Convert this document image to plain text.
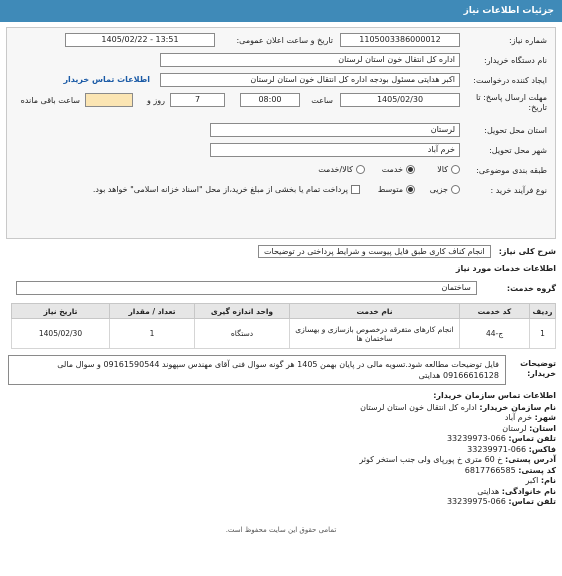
جزئیات اطلاعات نیاز
شماره نیاز:
1105003386000012
تاریخ و ساعت اعلان عمومی:
1405/02/22 - 13:51
نام دستگاه خریدار:
اداره کل انتقال خون استان لرستان
ایجاد کننده درخواست:
اکبر هدایتی مسئول بودجه اداره کل انتقال خون استان لرستان
اطلاعات تماس خریدار
مهلت ارسال پاسخ: تا تاریخ:
1405/02/30
ساعت
08:00
7
روز و
ساعت باقی مانده
استان محل تحویل:
لرستان
شهر محل تحویل:
خرم آباد
طبقه بندی موضوعی:
کالا
خدمت
کالا/خدمت
نوع فرآیند خرید :
جزیی
متوسط
پرداخت تمام یا بخشی از مبلغ خرید،از محل "اسناد خزانه اسلامی" خواهد بود.
شرح کلی نیاز:
انجام کناف کاری طبق فایل پیوست و شرایط پرداختی در توضیحات
اطلاعات خدمات مورد نیاز
گروه خدمت:
ساختمان
ردیف	کد خدمت	نام خدمت	واحد اندازه گیری	تعداد / مقدار	تاریخ نیاز
1	ج-44	انجام کارهای متفرقه درخصوص بازسازی و بهسازی ساختمان ها	دستگاه	1	1405/02/30
توضیحات خریدار:
فایل توضیحات مطالعه شود.تسویه مالی در پایان بهمن 1405 هر گونه سوال فنی آقای مهندس سپهوند 09161590544 و سوال مالی 09166616128 هدایتی
اطلاعات تماس سازمان خریدار:
نام سازمان خریدار: اداره کل انتقال خون استان لرستان
شهر: خرم آباد
استان: لرستان
تلفن تماس: 066-33239973
فاکس: 066-33239971
آدرس پستی: خ 60 متری خ پورپای ولی جنب استخر کوثر
کد پستی: 6817766585
نام: اکبر
نام خانوادگی: هدایتی
تلفن تماس: 066-33239975
تمامی حقوق این سایت محفوظ است.
